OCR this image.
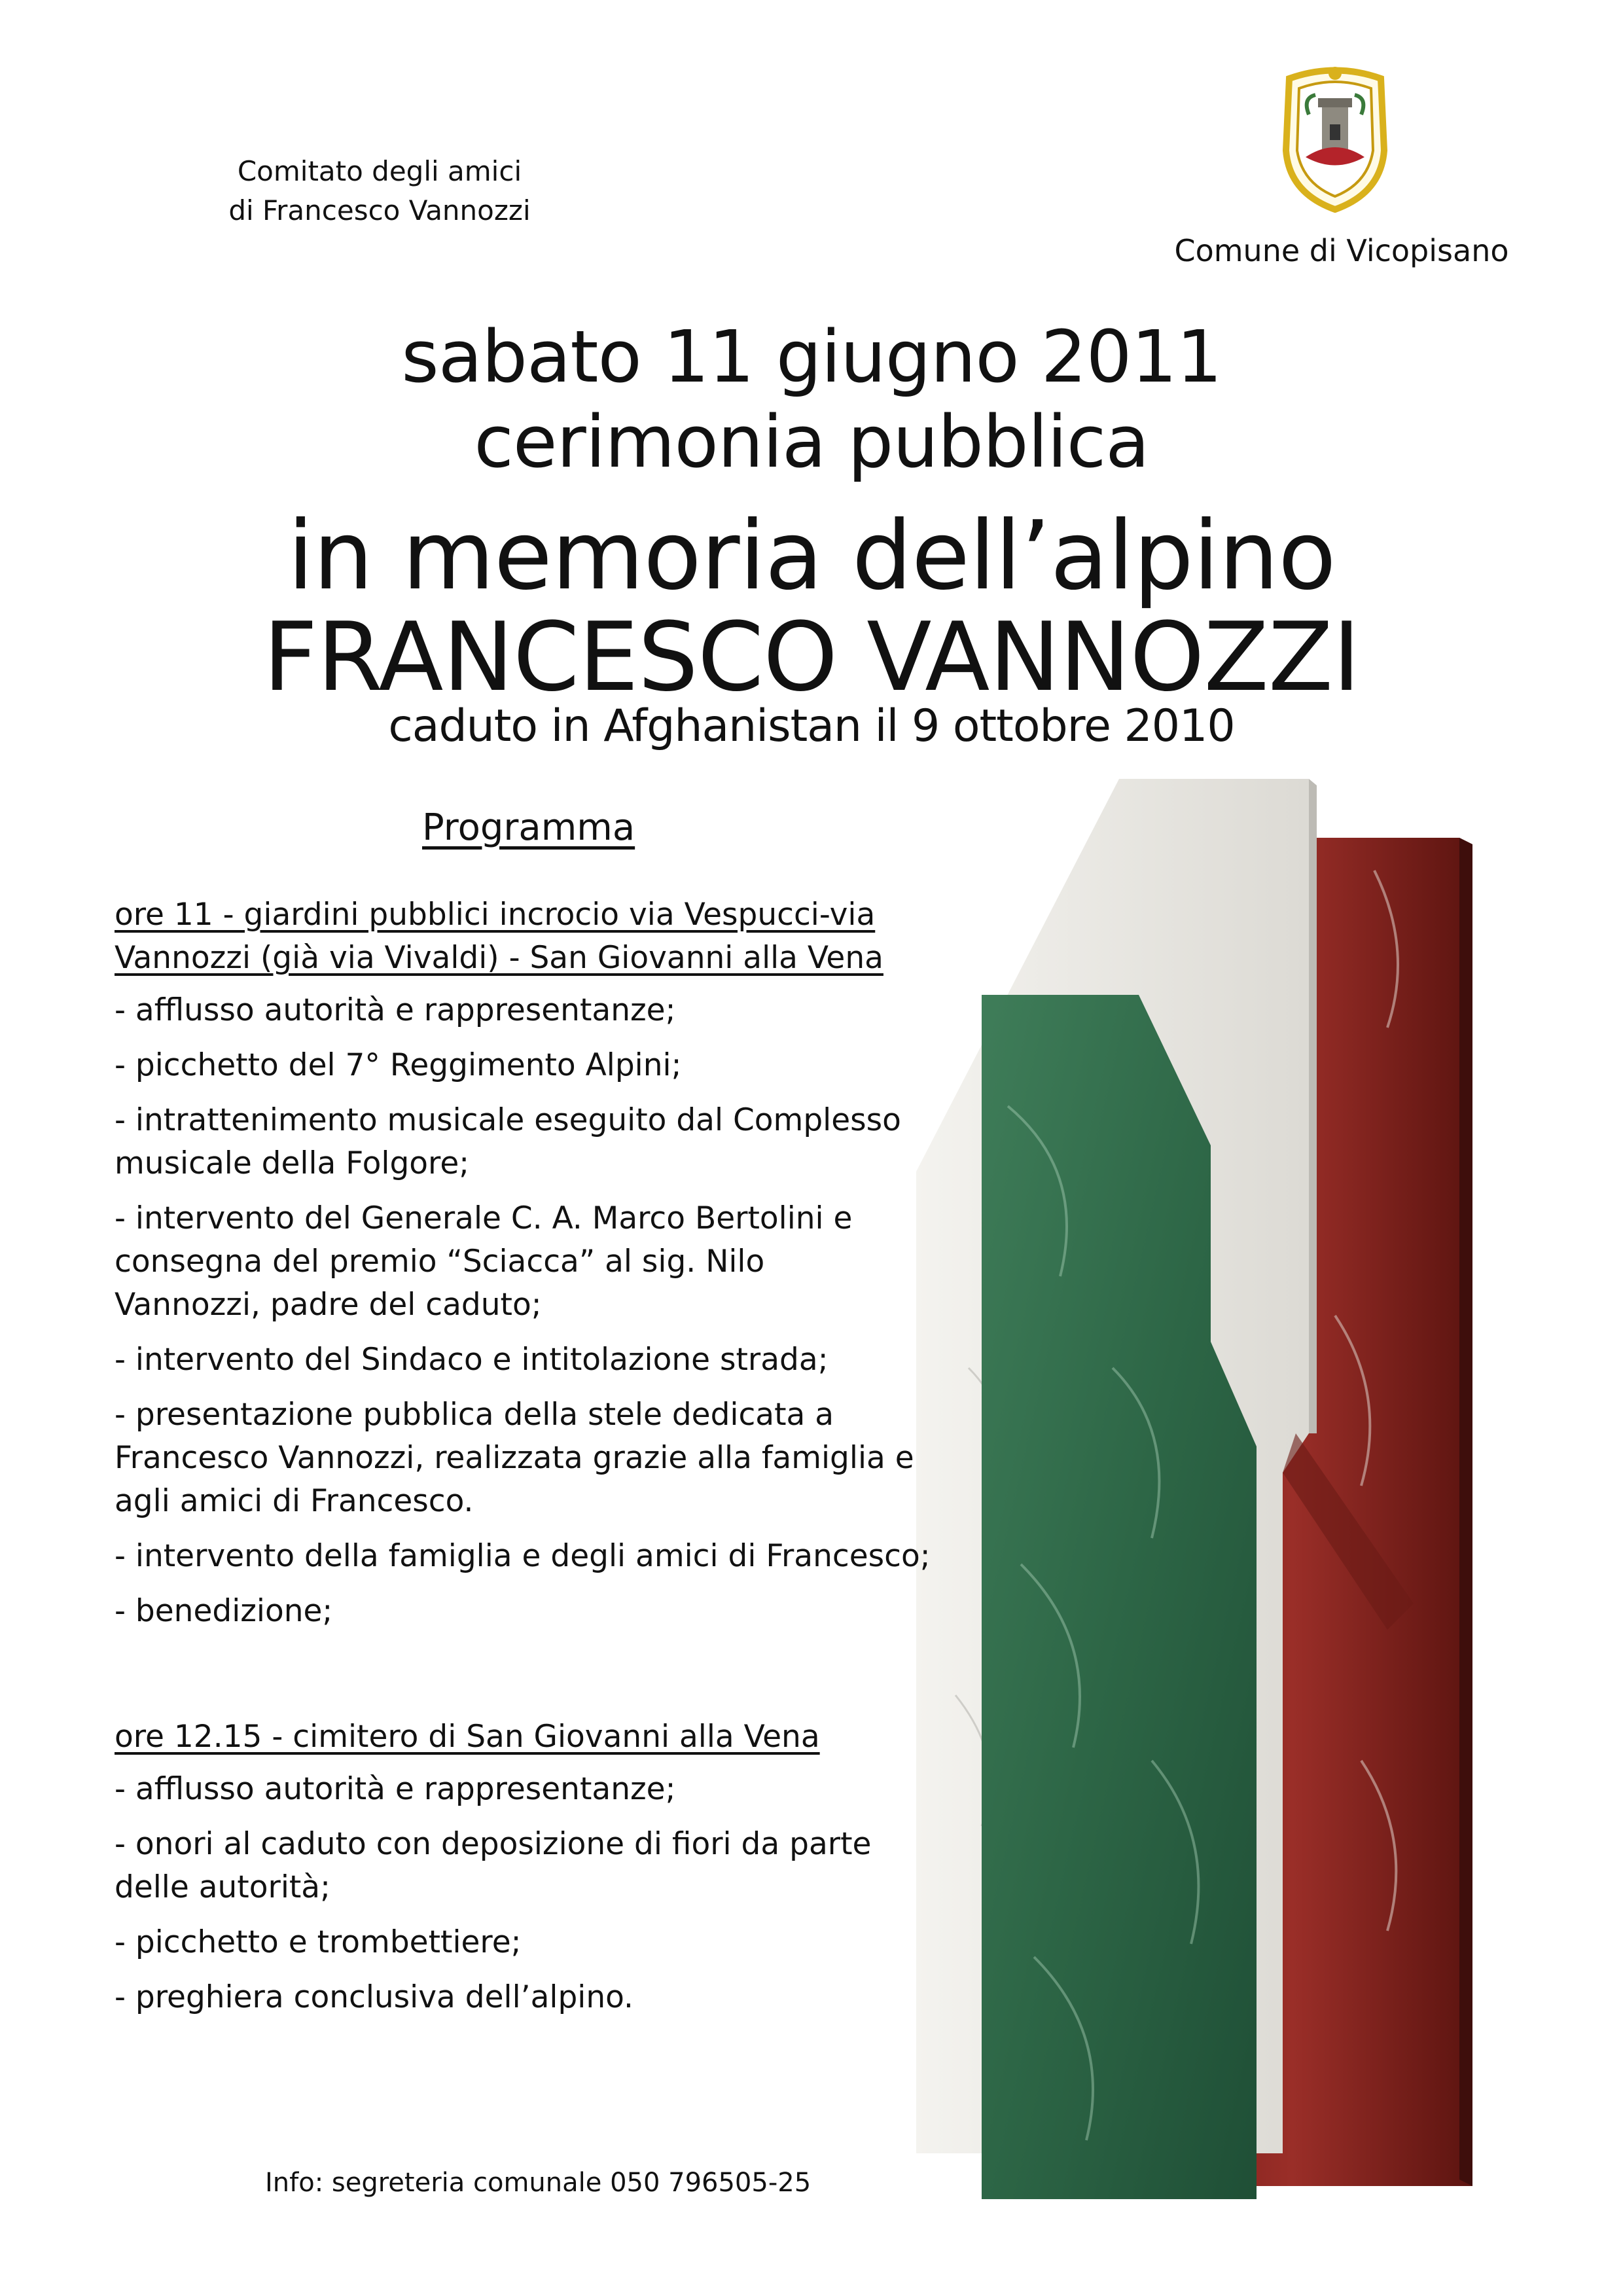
Comitato degli amici
di Francesco Vannozzi
Comune di Vicopisano
sabato 11 giugno 2011
cerimonia pubblica
in memoria dell’alpino
FRANCESCO VANNOZZI
caduto in Afghanistan il 9 ottobre 2010
Programma
ore 11 - giardini pubblici incrocio via Vespucci-via
Vannozzi (già via Vivaldi) - San Giovanni alla Vena
- afflusso autorità e rappresentanze;
- picchetto del 7° Reggimento Alpini;
- intrattenimento musicale eseguito dal Complesso musicale della Folgore;
- intervento del Generale C. A. Marco Bertolini e consegna del premio “Sciacca” al sig. Nilo Vannozzi, padre del caduto;
- intervento del Sindaco e intitolazione strada;
- presentazione pubblica della stele dedicata a Francesco Vannozzi, realizzata grazie alla famiglia e agli amici di Francesco.
- intervento della famiglia e degli amici di Francesco;
- benedizione;
ore 12.15 - cimitero di San Giovanni alla Vena
- afflusso autorità e rappresentanze;
- onori al caduto con deposizione di fiori da parte delle autorità;
- picchetto e trombettiere;
- preghiera conclusiva dell’alpino.
Info: segreteria comunale 050 796505-25
